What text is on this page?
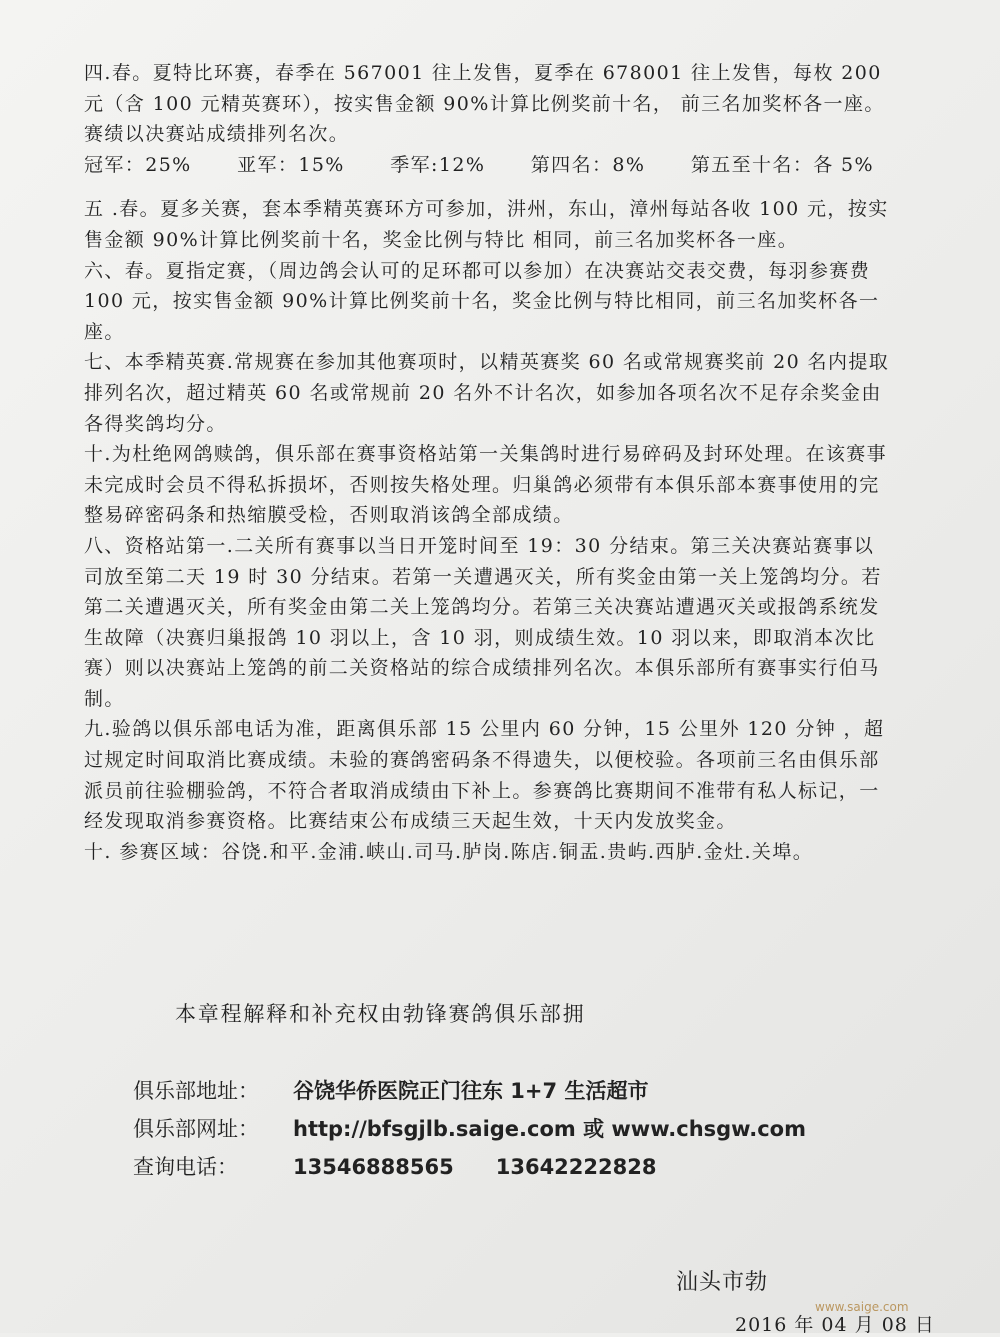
四.春。夏特比环赛，春季在 567001 往上发售，夏季在 678001 往上发售，每枚 200 元（含 100 元精英赛环），按实售金额 90%计算比例奖前十名， 前三名加奖杯各一座。赛绩以决赛站成绩排列名次。

冠军：25% 亚军：15% 季军:12% 第四名：8% 第五至十名：各 5%

五 .春。夏多关赛，套本季精英赛环方可参加，汫州，东山，漳州每站各收 100 元，按实售金额 90%计算比例奖前十名，奖金比例与特比 相同，前三名加奖杯各一座。

六、春。夏指定赛，（周边鸽会认可的足环都可以参加）在决赛站交表交费，每羽参赛费 100 元，按实售金额 90%计算比例奖前十名，奖金比例与特比相同，前三名加奖杯各一座。

七、本季精英赛.常规赛在参加其他赛项时，以精英赛奖 60 名或常规赛奖前 20 名内提取排列名次，超过精英 60 名或常规前 20 名外不计名次，如参加各项名次不足存余奖金由各得奖鸽均分。

十.为杜绝网鸽赎鸽，俱乐部在赛事资格站第一关集鸽时进行易碎码及封环处理。在该赛事未完成时会员不得私拆损坏，否则按失格处理。归巢鸽必须带有本俱乐部本赛事使用的完整易碎密码条和热缩膜受检，否则取消该鸽全部成绩。

八、资格站第一.二关所有赛事以当日开笼时间至 19：30 分结束。第三关决赛站赛事以司放至第二天 19 时 30 分结束。若第一关遭遇灭关，所有奖金由第一关上笼鸽均分。若第二关遭遇灭关，所有奖金由第二关上笼鸽均分。若第三关决赛站遭遇灭关或报鸽系统发生故障（决赛归巢报鸽 10 羽以上，含 10 羽，则成绩生效。10 羽以来，即取消本次比赛）则以决赛站上笼鸽的前二关资格站的综合成绩排列名次。本俱乐部所有赛事实行伯马制。

九.验鸽以俱乐部电话为准，距离俱乐部 15 公里内 60 分钟，15 公里外 120 分钟 ，超过规定时间取消比赛成绩。未验的赛鸽密码条不得遗失，以便校验。各项前三名由俱乐部派员前往验棚验鸽，不符合者取消成绩由下补上。参赛鸽比赛期间不准带有私人标记，一经发现取消参赛资格。比赛结束公布成绩三天起生效，十天内发放奖金。

十. 参赛区域：谷饶.和平.金浦.峡山.司马.胪岗.陈店.铜盂.贵屿.西胪.金灶.关埠。

本章程解释和补充权由勃锋赛鸽俱乐部拥
俱乐部地址：	谷饶华侨医院正门往东 1+7 生活超市
俱乐部网址：	http://bfsgjlb.saige.com 或 www.chsgw.com
查询电话：	13546888565 13642222828
汕头市勃
www.saige.com
2016 年 04 月 08 日
